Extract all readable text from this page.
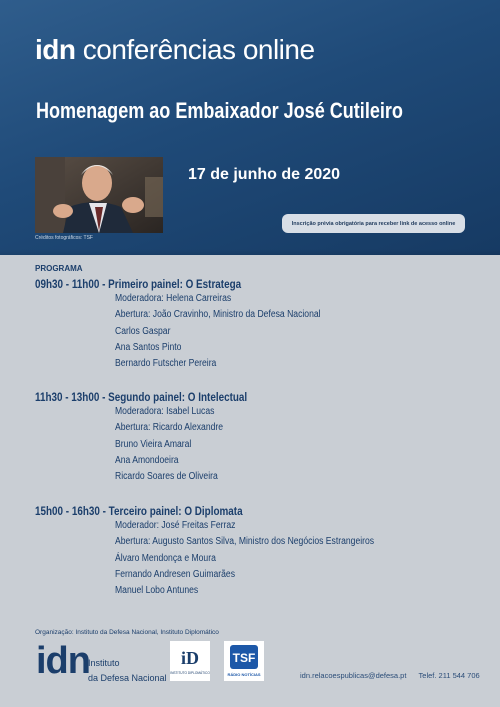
idn conferências online
Homenagem ao Embaixador José Cutileiro
Créditos fotográficos: TSF
17 de junho de 2020
Inscrição prévia obrigatória para receber link de acesso online
PROGRAMA
09h30 - 11h00 - Primeiro painel: O Estratega
Moderadora: Helena Carreiras
Abertura: João Cravinho, Ministro da Defesa Nacional
Carlos Gaspar
Ana Santos Pinto
Bernardo Futscher Pereira
11h30 - 13h00 - Segundo painel: O Intelectual
Moderadora: Isabel Lucas
Abertura: Ricardo Alexandre
Bruno Vieira Amaral
Ana Amondoeira
Ricardo Soares de Oliveira
15h00 - 16h30 - Terceiro painel: O Diplomata
Moderador: José Freitas Ferraz
Abertura: Augusto Santos Silva, Ministro dos Negócios Estrangeiros
Álvaro Mendonça e Moura
Fernando Andresen Guimarães
Manuel Lobo Antunes
Organização: Instituto da Defesa Nacional, Instituto Diplomático
idn
Instituto
da Defesa Nacional
iD
INSTITUTO DIPLOMÁTICO
TSF
RÁDIO NOTÍCIAS	idn.relacoespublicas@defesa.pt Telef. 211 544 706
